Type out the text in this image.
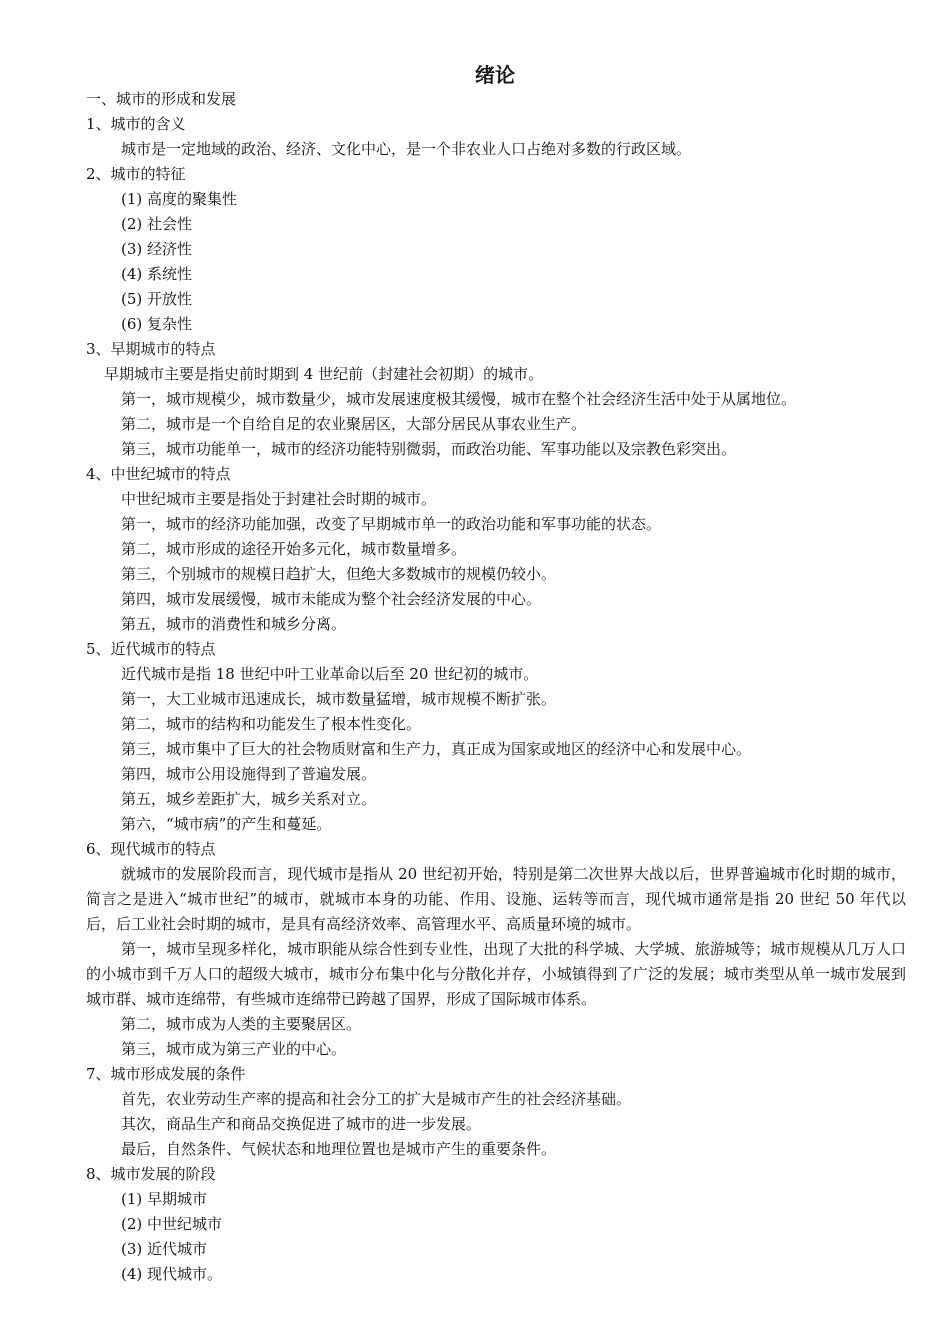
绪论
一、城市的形成和发展
1、城市的含义
城市是一定地域的政治、经济、文化中心，是一个非农业人口占绝对多数的行政区域。
2、城市的特征
(1) 高度的聚集性
(2) 社会性
(3) 经济性
(4) 系统性
(5) 开放性
(6) 复杂性
3、早期城市的特点
早期城市主要是指史前时期到 4 世纪前（封建社会初期）的城市。
第一，城市规模少，城市数量少，城市发展速度极其缓慢，城市在整个社会经济生活中处于从属地位。
第二，城市是一个自给自足的农业聚居区，大部分居民从事农业生产。
第三，城市功能单一，城市的经济功能特别微弱，而政治功能、军事功能以及宗教色彩突出。
4、中世纪城市的特点
中世纪城市主要是指处于封建社会时期的城市。
第一，城市的经济功能加强，改变了早期城市单一的政治功能和军事功能的状态。
第二，城市形成的途径开始多元化，城市数量增多。
第三，个别城市的规模日趋扩大，但绝大多数城市的规模仍较小。
第四，城市发展缓慢，城市未能成为整个社会经济发展的中心。
第五，城市的消费性和城乡分离。
5、近代城市的特点
近代城市是指 18 世纪中叶工业革命以后至 20 世纪初的城市。
第一，大工业城市迅速成长，城市数量猛增，城市规模不断扩张。
第二，城市的结构和功能发生了根本性变化。
第三，城市集中了巨大的社会物质财富和生产力，真正成为国家或地区的经济中心和发展中心。
第四，城市公用设施得到了普遍发展。
第五，城乡差距扩大，城乡关系对立。
第六，“城市病”的产生和蔓延。
6、现代城市的特点
就城市的发展阶段而言，现代城市是指从 20 世纪初开始，特别是第二次世界大战以后，世界普遍城市化时期的城市，简言之是进入“城市世纪”的城市，就城市本身的功能、作用、设施、运转等而言，现代城市通常是指 20 世纪 50 年代以后，后工业社会时期的城市，是具有高经济效率、高管理水平、高质量环境的城市。
第一，城市呈现多样化，城市职能从综合性到专业性，出现了大批的科学城、大学城、旅游城等；城市规模从几万人口的小城市到千万人口的超级大城市，城市分布集中化与分散化并存，小城镇得到了广泛的发展；城市类型从单一城市发展到城市群、城市连绵带，有些城市连绵带已跨越了国界，形成了国际城市体系。
第二，城市成为人类的主要聚居区。
第三，城市成为第三产业的中心。
7、城市形成发展的条件
首先，农业劳动生产率的提高和社会分工的扩大是城市产生的社会经济基础。
其次，商品生产和商品交换促进了城市的进一步发展。
最后，自然条件、气候状态和地理位置也是城市产生的重要条件。
8、城市发展的阶段
(1) 早期城市
(2) 中世纪城市
(3) 近代城市
(4) 现代城市。
